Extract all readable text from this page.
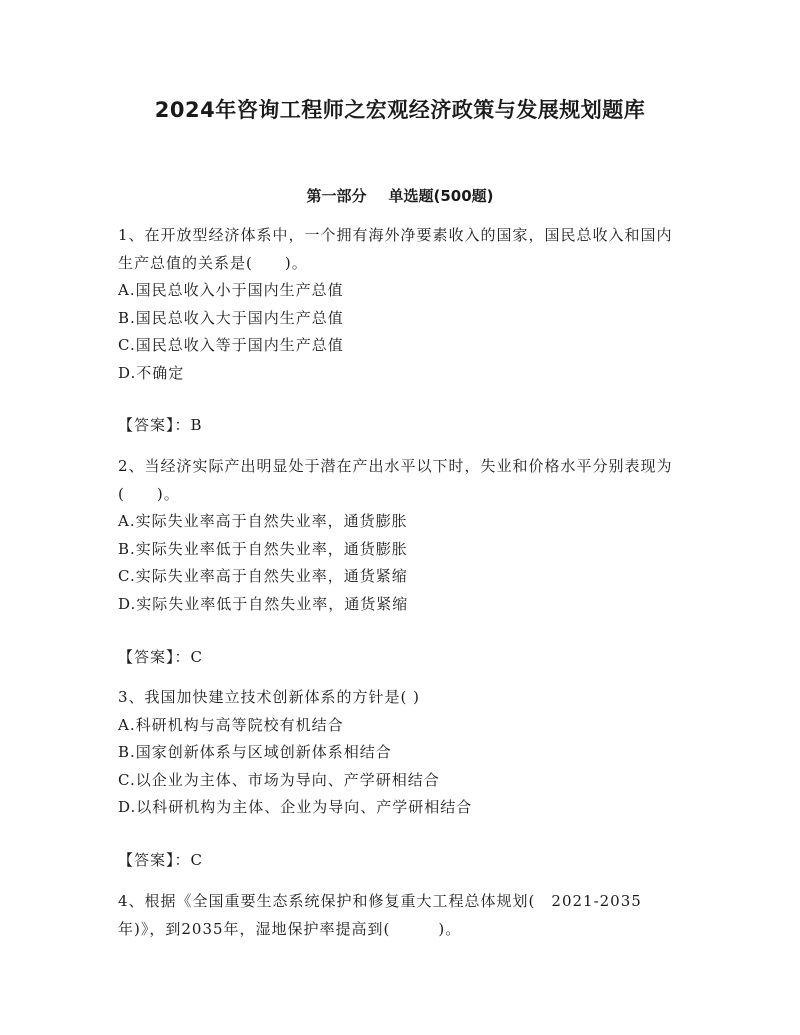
2024年咨询工程师之宏观经济政策与发展规划题库
第一部分 单选题(500题)
1、在开放型经济体系中，一个拥有海外净要素收入的国家，国民总收入和国内生产总值的关系是(　　)。
A.国民总收入小于国内生产总值
B.国民总收入大于国内生产总值
C.国民总收入等于国内生产总值
D.不确定
【答案】：B
2、当经济实际产出明显处于潜在产出水平以下时，失业和价格水平分别表现为(　　)。
A.实际失业率高于自然失业率，通货膨胀
B.实际失业率低于自然失业率，通货膨胀
C.实际失业率高于自然失业率，通货紧缩
D.实际失业率低于自然失业率，通货紧缩
【答案】：C
3、我国加快建立技术创新体系的方针是( )
A.科研机构与高等院校有机结合
B.国家创新体系与区域创新体系相结合
C.以企业为主体、市场为导向、产学研相结合
D.以科研机构为主体、企业为导向、产学研相结合
【答案】：C
4、根据《全国重要生态系统保护和修复重大工程总体规划(　2021-2035年)》，到2035年，湿地保护率提高到(　　　)。
